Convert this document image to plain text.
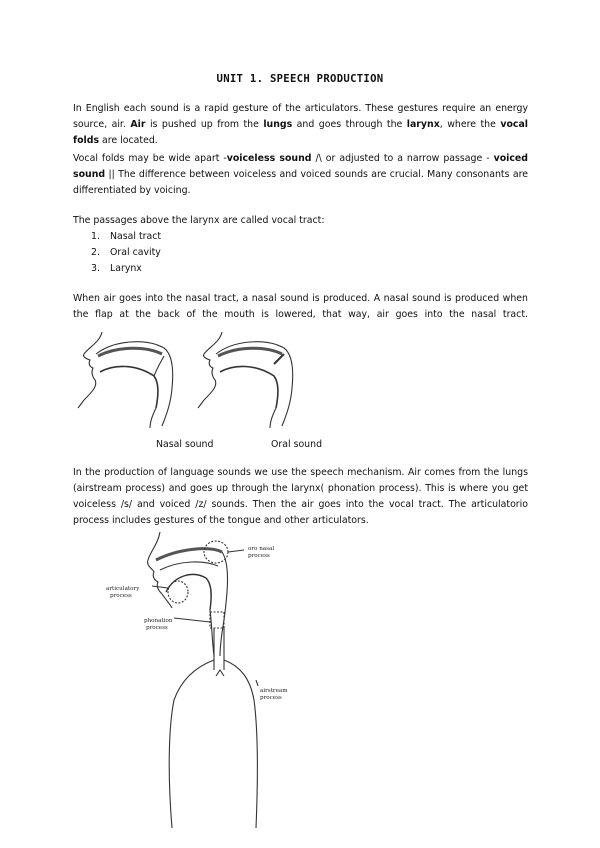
UNIT 1. SPEECH PRODUCTION
In English each sound is a rapid gesture of the articulators. These gestures require an energy source, air. Air is pushed up from the lungs and goes through the larynx, where the vocal folds are located.
Vocal folds may be wide apart -voiceless sound /\ or adjusted to a narrow passage - voiced sound || The difference between voiceless and voiced sounds are crucial. Many consonants are differentiated by voicing.
The passages above the larynx are called vocal tract:
1. Nasal tract
2. Oral cavity
3. Larynx
When air goes into the nasal tract, a nasal sound is produced. A nasal sound is produced when the flap at the back of the mouth is lowered, that way, air goes into the nasal tract.
Nasal sound	Oral sound
In the production of language sounds we use the speech mechanism. Air comes from the lungs (airstream process) and goes up through the larynx( phonation process). This is where you get voiceless /s/ and voiced /z/ sounds. Then the air goes into the vocal tract. The articulatorio process includes gestures of the tongue and other articulators.
oro nasal
process
articulatory
process
phonation
process
airstream
process
